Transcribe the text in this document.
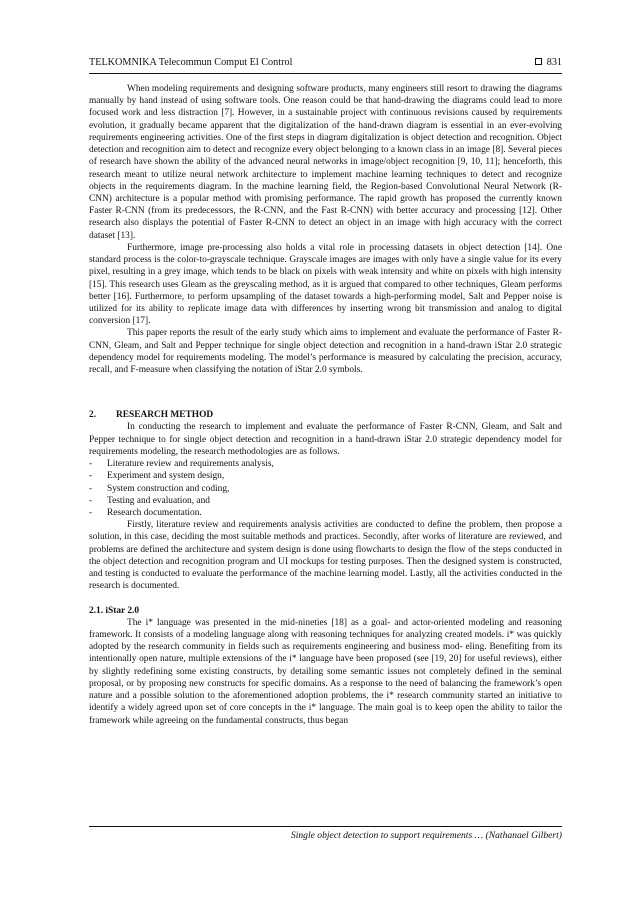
TELKOMNIKA Telecommun Comput El Control	831

When modeling requirements and designing software products, many engineers still resort to drawing the diagrams manually by hand instead of using software tools. One reason could be that hand-drawing the diagrams could lead to more focused work and less distraction [7]. However, in a sustainable project with continuous revisions caused by requirements evolution, it gradually became apparent that the digitalization of the hand-drawn diagram is essential in an ever-evolving requirements engineering activities. One of the first steps in diagram digitalization is object detection and recognition. Object detection and recognition aim to detect and recognize every object belonging to a known class in an image [8]. Several pieces of research have shown the ability of the advanced neural networks in image/object recognition [9, 10, 11]; henceforth, this research meant to utilize neural network architecture to implement machine learning techniques to detect and recognize objects in the requirements diagram. In the machine learning field, the Region-based Convolutional Neural Network (R-CNN) architecture is a popular method with promising performance. The rapid growth has proposed the currently known Faster R-CNN (from its predecessors, the R-CNN, and the Fast R-CNN) with better accuracy and processing [12]. Other research also displays the potential of Faster R-CNN to detect an object in an image with high accuracy with the correct dataset [13].

Furthermore, image pre-processing also holds a vital role in processing datasets in object detection [14]. One standard process is the color-to-grayscale technique. Grayscale images are images with only have a single value for its every pixel, resulting in a grey image, which tends to be black on pixels with weak intensity and white on pixels with high intensity [15]. This research uses Gleam as the greyscaling method, as it is argued that compared to other techniques, Gleam performs better [16]. Furthermore, to perform upsampling of the dataset towards a high-performing model, Salt and Pepper noise is utilized for its ability to replicate image data with differences by inserting wrong bit transmission and analog to digital conversion [17].

This paper reports the result of the early study which aims to implement and evaluate the performance of Faster R-CNN, Gleam, and Salt and Pepper technique for single object detection and recognition in a hand-drawn iStar 2.0 strategic dependency model for requirements modeling. The model’s performance is measured by calculating the precision, accuracy, recall, and F-measure when classifying the notation of iStar 2.0 symbols.

2. RESEARCH METHOD

In conducting the research to implement and evaluate the performance of Faster R-CNN, Gleam, and Salt and Pepper technique to for single object detection and recognition in a hand-drawn iStar 2.0 strategic dependency model for requirements modeling, the research methodologies are as follows.

- Literature review and requirements analysis,
- Experiment and system design,
- System construction and coding,
- Testing and evaluation, and
- Research documentation.

Firstly, literature review and requirements analysis activities are conducted to define the problem, then propose a solution, in this case, deciding the most suitable methods and practices. Secondly, after works of literature are reviewed, and problems are defined the architecture and system design is done using flowcharts to design the flow of the steps conducted in the object detection and recognition program and UI mockups for testing purposes. Then the designed system is constructed, and testing is conducted to evaluate the performance of the machine learning model. Lastly, all the activities conducted in the research is documented.

2.1. iStar 2.0

The i* language was presented in the mid-nineties [18] as a goal- and actor-oriented modeling and reasoning framework. It consists of a modeling language along with reasoning techniques for analyzing created models. i* was quickly adopted by the research community in fields such as requirements engineering and business mod- eling. Benefiting from its intentionally open nature, multiple extensions of the i* language have been proposed (see [19, 20] for useful reviews), either by slightly redefining some existing constructs, by detailing some semantic issues not completely defined in the seminal proposal, or by proposing new constructs for specific domains. As a response to the need of balancing the framework’s open nature and a possible solution to the aforementioned adoption problems, the i* research community started an initiative to identify a widely agreed upon set of core concepts in the i* language. The main goal is to keep open the ability to tailor the framework while agreeing on the fundamental constructs, thus began

Single object detection to support requirements … (Nathanael Gilbert)
